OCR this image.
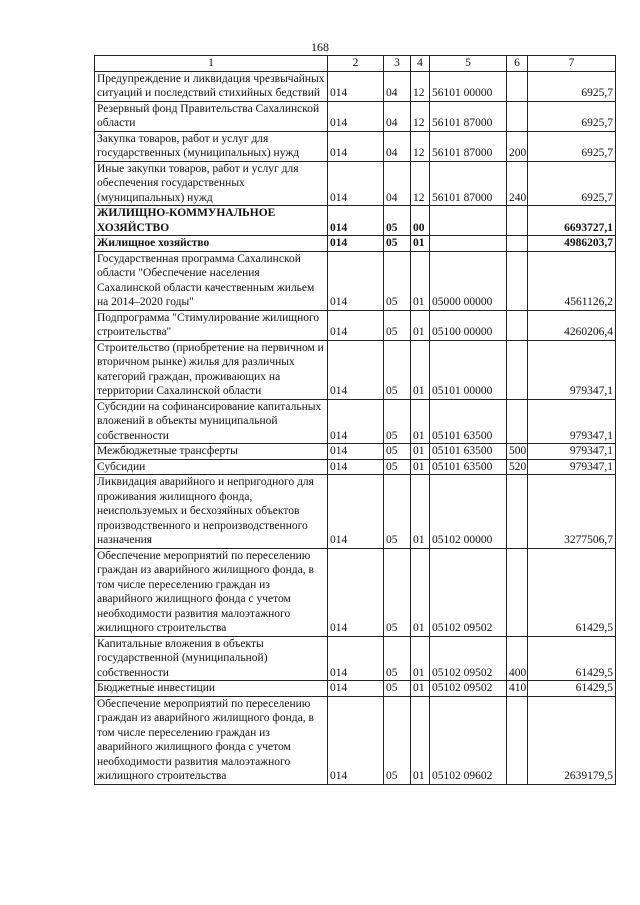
168
1	2	3	4	5	6	7
Предупреждение и ликвидация чрезвычайных ситуаций и последствий стихийных бедствий	014	04	12	56101 00000		6925,7
Резервный фонд Правительства Сахалинской области	014	04	12	56101 87000		6925,7
Закупка товаров, работ и услуг для государственных (муниципальных) нужд	014	04	12	56101 87000	200	6925,7
Иные закупки товаров, работ и услуг для обеспечения государственных (муниципальных) нужд	014	04	12	56101 87000	240	6925,7
ЖИЛИЩНО-КОММУНАЛЬНОЕ ХОЗЯЙСТВО	014	05	00			6693727,1
Жилищное хозяйство	014	05	01			4986203,7
Государственная программа Сахалинской области "Обеспечение населения Сахалинской области качественным жильем на 2014–2020 годы"	014	05	01	05000 00000		4561126,2
Подпрограмма "Стимулирование жилищного строительства"	014	05	01	05100 00000		4260206,4
Строительство (приобретение на первичном и вторичном рынке) жилья для различных категорий граждан, проживающих на территории Сахалинской области	014	05	01	05101 00000		979347,1
Субсидии на софинансирование капитальных вложений в объекты муниципальной собственности	014	05	01	05101 63500		979347,1
Межбюджетные трансферты	014	05	01	05101 63500	500	979347,1
Субсидии	014	05	01	05101 63500	520	979347,1
Ликвидация аварийного и непригодного для проживания жилищного фонда, неиспользуемых и бесхозяйных объектов производственного и непроизводственного назначения	014	05	01	05102 00000		3277506,7
Обеспечение мероприятий по переселению граждан из аварийного жилищного фонда, в том числе переселению граждан из аварийного жилищного фонда с учетом необходимости развития малоэтажного жилищного строительства	014	05	01	05102 09502		61429,5
Капитальные вложения в объекты государственной (муниципальной) собственности	014	05	01	05102 09502	400	61429,5
Бюджетные инвестиции	014	05	01	05102 09502	410	61429,5
Обеспечение мероприятий по переселению граждан из аварийного жилищного фонда, в том числе переселению граждан из аварийного жилищного фонда с учетом необходимости развития малоэтажного жилищного строительства	014	05	01	05102 09602		2639179,5
